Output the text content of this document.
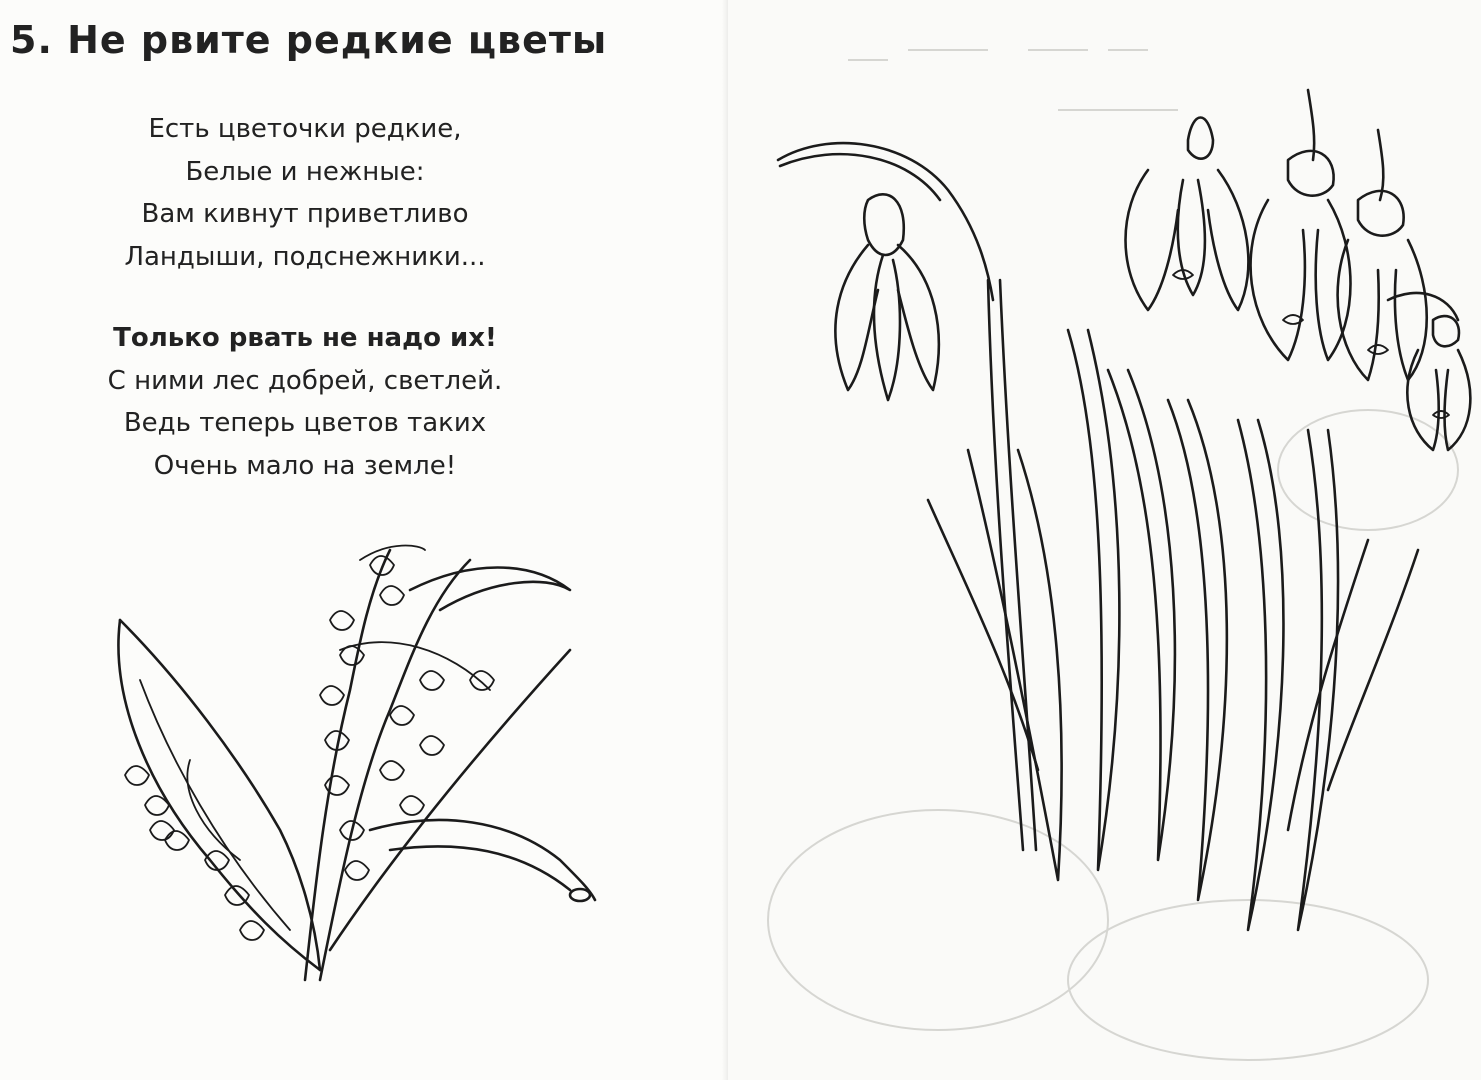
5. Не рвите редкие цветы
Есть цветочки редкие,
Белые и нежные:
Вам кивнут приветливо
Ландыши, подснежники...
Только рвать не надо их!
С ними лес добрей, светлей.
Ведь теперь цветов таких
Очень мало на земле!
